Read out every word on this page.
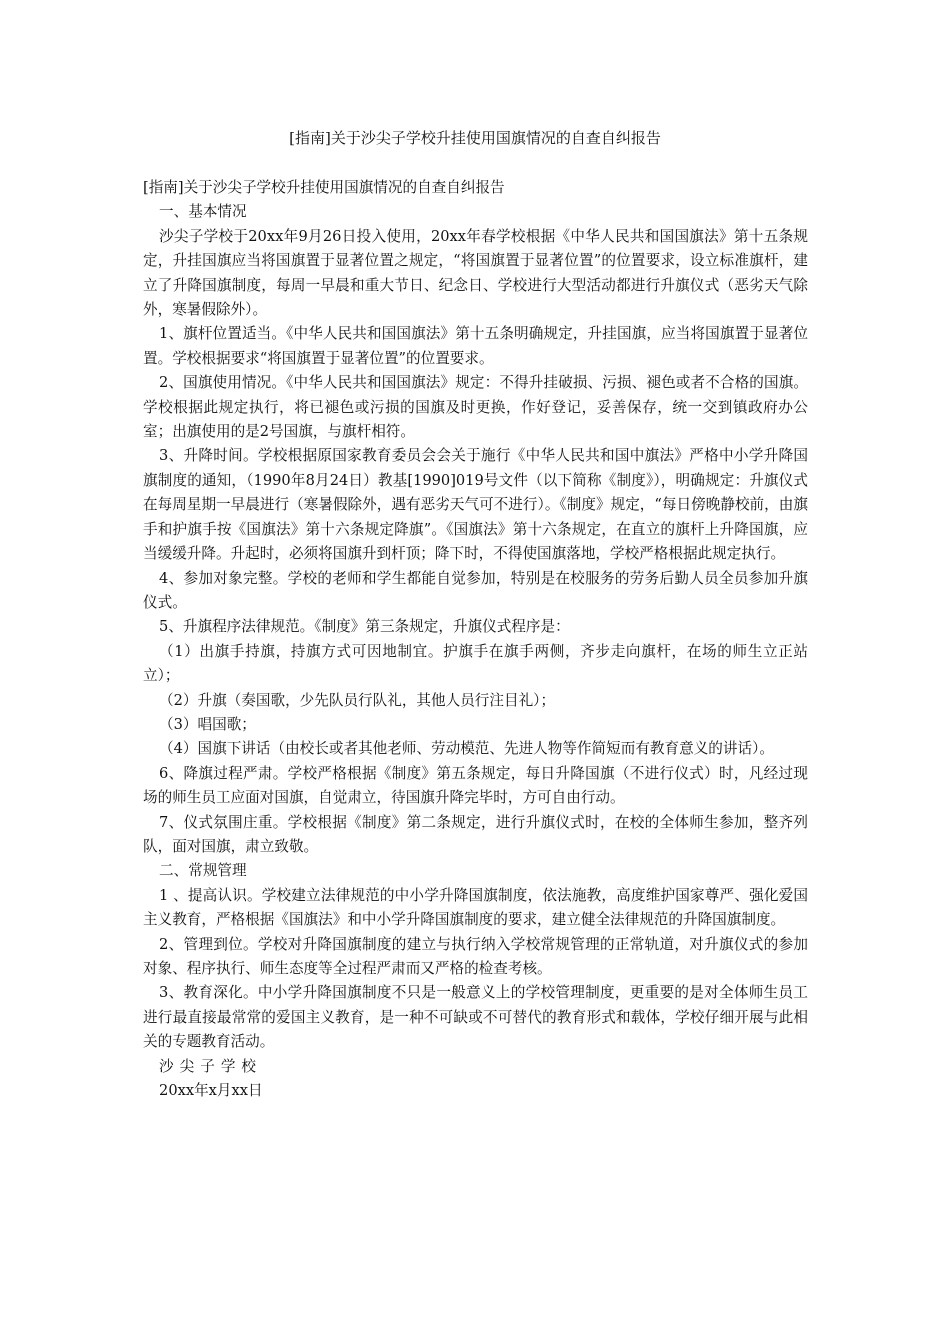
[指南]关于沙尖子学校升挂使用国旗情况的自查自纠报告

[指南]关于沙尖子学校升挂使用国旗情况的自查自纠报告

一、基本情况

沙尖子学校于20xx年9月26日投入使用，20xx年春学校根据《中华人民共和国国旗法》第十五条规定，升挂国旗应当将国旗置于显著位置之规定，“将国旗置于显著位置”的位置要求，设立标准旗杆，建立了升降国旗制度，每周一早晨和重大节日、纪念日、学校进行大型活动都进行升旗仪式（恶劣天气除外，寒暑假除外）。

1、旗杆位置适当。《中华人民共和国国旗法》第十五条明确规定，升挂国旗，应当将国旗置于显著位置。学校根据要求“将国旗置于显著位置”的位置要求。

2、国旗使用情况。《中华人民共和国国旗法》规定：不得升挂破损、污损、褪色或者不合格的国旗。学校根据此规定执行，将已褪色或污损的国旗及时更换，作好登记，妥善保存，统一交到镇政府办公室；出旗使用的是2号国旗，与旗杆相符。

3、升降时间。学校根据原国家教育委员会会关于施行《中华人民共和国中旗法》严格中小学升降国旗制度的通知，（1990年8月24日）教基[1990]019号文件（以下简称《制度》），明确规定：升旗仪式在每周星期一早晨进行（寒暑假除外，遇有恶劣天气可不进行）。《制度》规定，“每日傍晚静校前，由旗手和护旗手按《国旗法》第十六条规定降旗”。《国旗法》第十六条规定，在直立的旗杆上升降国旗，应当缓缓升降。升起时，必须将国旗升到杆顶；降下时，不得使国旗落地，学校严格根据此规定执行。

4、参加对象完整。学校的老师和学生都能自觉参加，特别是在校服务的劳务后勤人员全员参加升旗仪式。

5、升旗程序法律规范。《制度》第三条规定，升旗仪式程序是：

（1）出旗手持旗，持旗方式可因地制宜。护旗手在旗手两侧，齐步走向旗杆，在场的师生立正站立）；

（2）升旗（奏国歌，少先队员行队礼，其他人员行注目礼）；

（3）唱国歌；

（4）国旗下讲话（由校长或者其他老师、劳动模范、先进人物等作简短而有教育意义的讲话）。

6、降旗过程严肃。学校严格根据《制度》第五条规定，每日升降国旗（不进行仪式）时，凡经过现场的师生员工应面对国旗，自觉肃立，待国旗升降完毕时，方可自由行动。

7、仪式氛围庄重。学校根据《制度》第二条规定，进行升旗仪式时，在校的全体师生参加，整齐列队，面对国旗，肃立致敬。

二、常规管理

1 、提高认识。学校建立法律规范的中小学升降国旗制度，依法施教，高度维护国家尊严、强化爱国主义教育，严格根据《国旗法》和中小学升降国旗制度的要求，建立健全法律规范的升降国旗制度。

2、管理到位。学校对升降国旗制度的建立与执行纳入学校常规管理的正常轨道，对升旗仪式的参加对象、程序执行、师生态度等全过程严肃而又严格的检查考核。

3、教育深化。中小学升降国旗制度不只是一般意义上的学校管理制度，更重要的是对全体师生员工进行最直接最常常的爱国主义教育，是一种不可缺或不可替代的教育形式和载体，学校仔细开展与此相关的专题教育活动。

沙尖子学校

20xx年x月xx日
